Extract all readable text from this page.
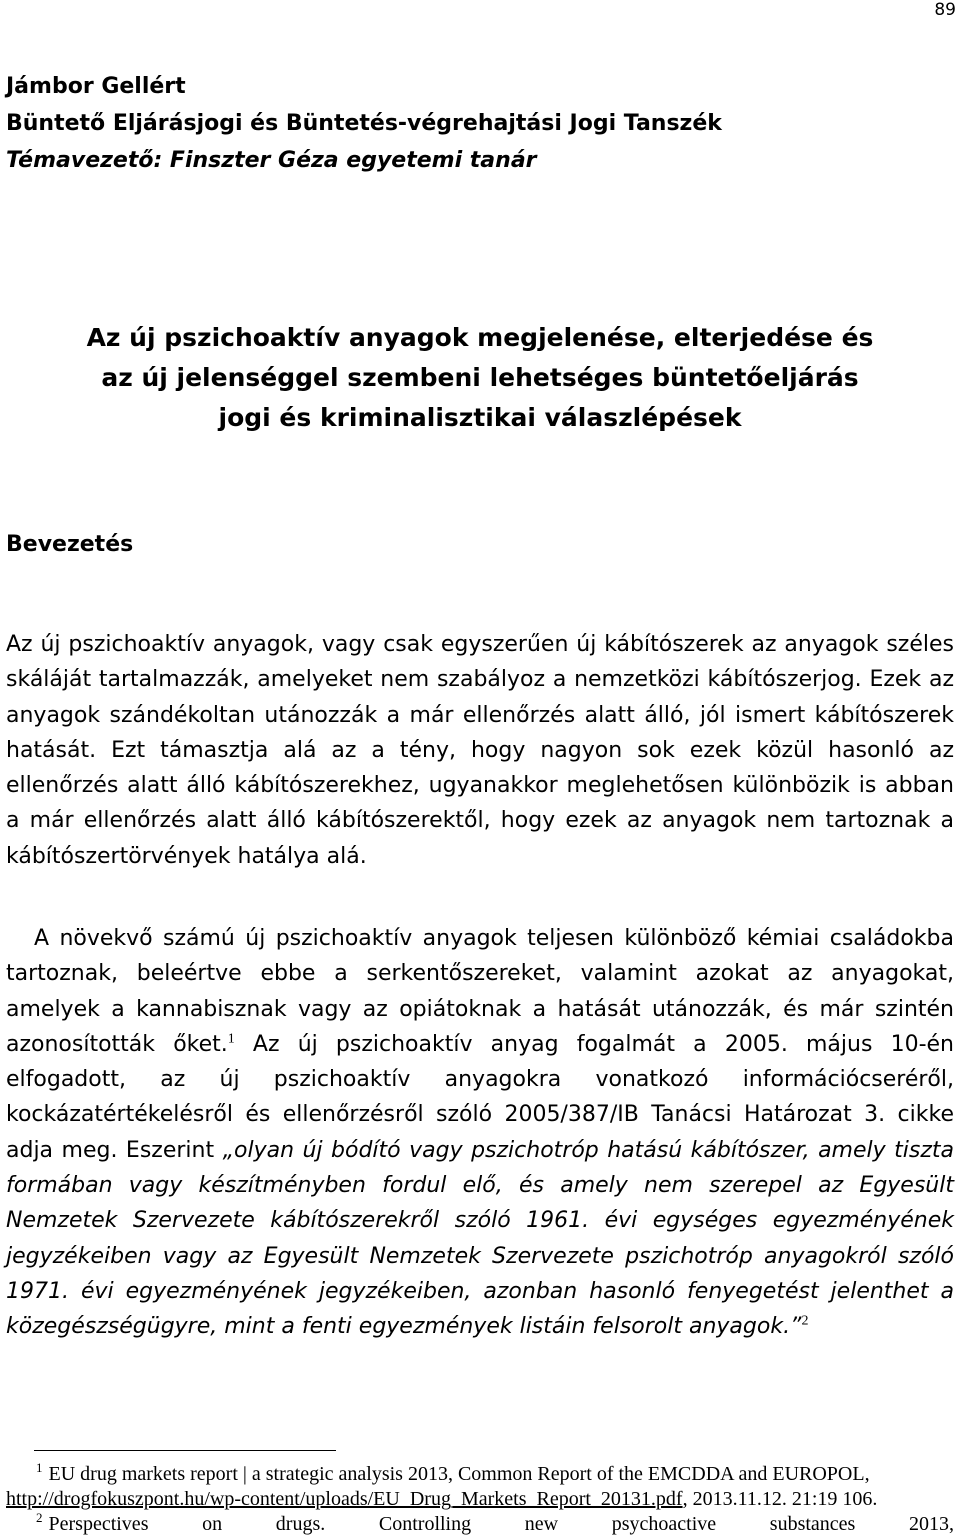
89
Jámbor Gellért
Büntető Eljárásjogi és Büntetés-végrehajtási Jogi Tanszék
Témavezető: Finszter Géza egyetemi tanár
Az új pszichoaktív anyagok megjelenése, elterjedése és
az új jelenséggel szembeni lehetséges büntetőeljárás
jogi és kriminalisztikai válaszlépések
Bevezetés
Az új pszichoaktív anyagok, vagy csak egyszerűen új kábítószerek az anyagok széles skáláját tartalmazzák, amelyeket nem szabályoz a nemzetközi kábítószerjog. Ezek az anyagok szándékoltan utánozzák a már ellenőrzés alatt álló, jól ismert kábítószerek hatását. Ezt támasztja alá az a tény, hogy nagyon sok ezek közül hasonló az ellenőrzés alatt álló kábítószerekhez, ugyanakkor meglehetősen különbözik is abban a már ellenőrzés alatt álló kábítószerektől, hogy ezek az anyagok nem tartoznak a kábítószertörvények hatálya alá.
A növekvő számú új pszichoaktív anyagok teljesen különböző kémiai családokba tartoznak, beleértve ebbe a serkentőszereket, valamint azokat az anyagokat, amelyek a kannabisznak vagy az opiátoknak a hatását utánozzák, és már szintén azonosították őket.$^1$ Az új pszichoaktív anyag fogalmát a 2005. május 10-én elfogadott, az új pszichoaktív anyagokra vonatkozó információcseréről, kockázatértékelésről és ellenőrzésről szóló 2005/387/IB Tanácsi Határozat 3. cikke adja meg. Eszerint „olyan új bódító vagy pszichotróp hatású kábítószer, amely tiszta formában vagy készítményben fordul elő, és amely nem szerepel az Egyesült Nemzetek Szervezete kábítószerekről szóló 1961. évi egységes egyezményének jegyzékeiben vagy az Egyesült Nemzetek Szervezete pszichotróp anyagokról szóló 1971. évi egyezményének jegyzékeiben, azonban hasonló fenyegetést jelenthet a közegészségügyre, mint a fenti egyezmények listáin felsorolt anyagok.”$^2$
$^1$ EU drug markets report | a strategic analysis 2013, Common Report of the EMCDDA and EUROPOL,
http://drogfokuszpont.hu/wp-content/uploads/EU_Drug_Markets_Report_20131.pdf, 2013.11.12. 21:19 106.
$^2$ Perspectives on drugs. Controlling new psychoactive substances 2013,
